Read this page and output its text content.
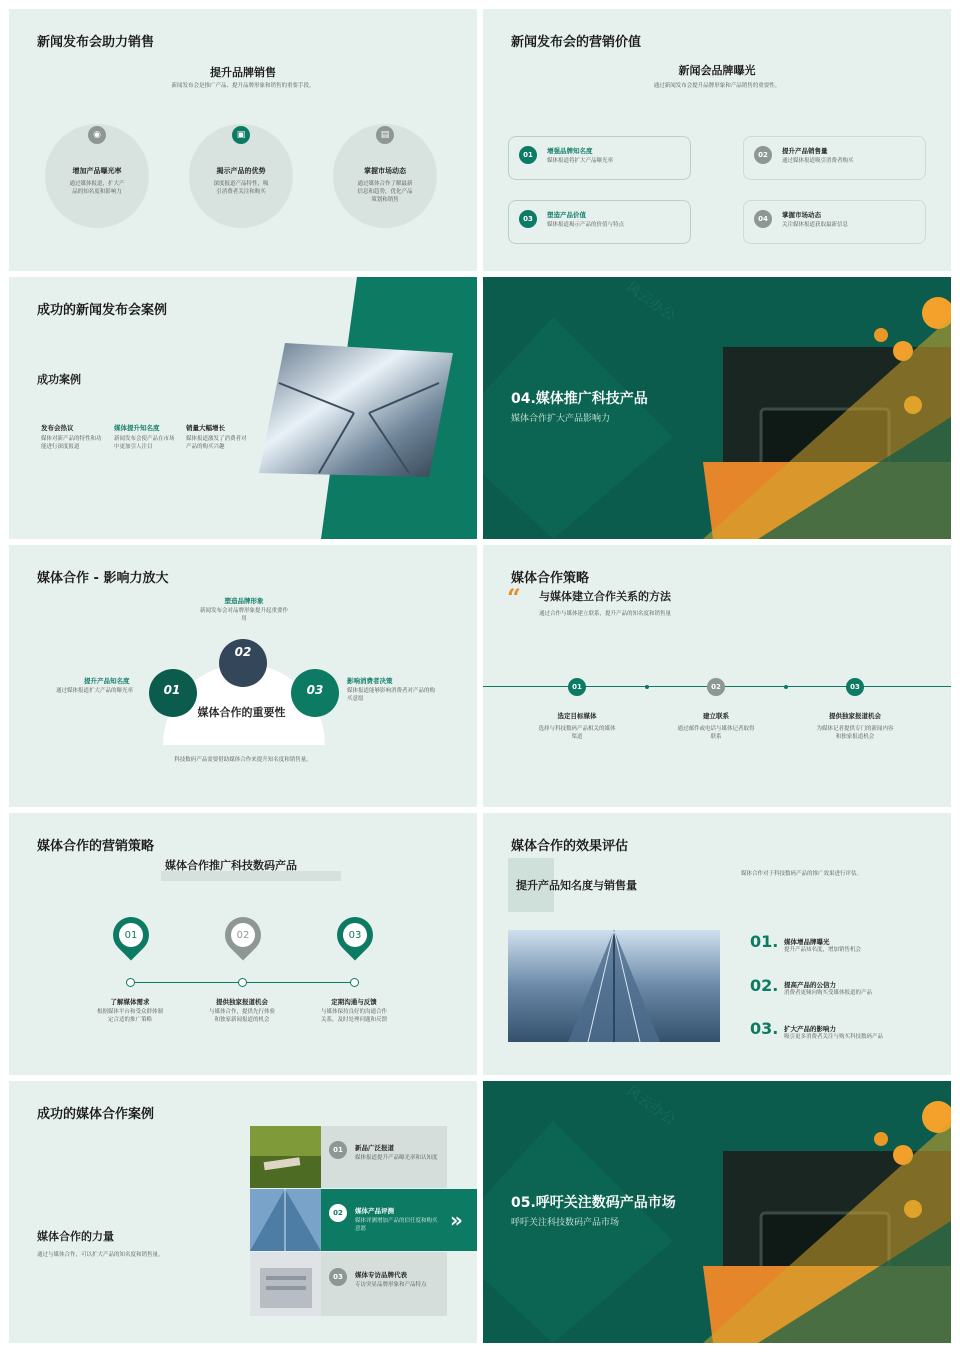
新闻发布会助力销售
提升品牌销售
新闻发布会是推广产品、提升品牌形象和销售的重要手段。
◉	▣	▤
增加产品曝光率
通过媒体报道，扩大产品的知名度和影响力
揭示产品的优势
深度报道产品特性，吸引消费者关注和购买
掌握市场动态
通过媒体合作了解最新信息和趋势，优化产品策划和销售
新闻发布会的营销价值
新闻会品牌曝光
通过新闻发布会提升品牌形象和产品销售的重要性。
01	增强品牌知名度
媒体报道将扩大产品曝光率
02	提升产品销售量
通过媒体报道吸引消费者购买
03	塑造产品价值
媒体报道揭示产品的价值与特点
04	掌握市场动态
关注媒体报道获取最新信息
成功的新闻发布会案例
成功案例
发布会热议
媒体对新产品的特性和功能进行深度报道
媒体提升知名度
新闻发布会使产品在市场中更加引人注目
销量大幅增长
媒体报道激发了消费者对产品的购买兴趣
风云办公
04.媒体推广科技产品
媒体合作扩大产品影响力
媒体合作 - 影响力放大
塑造品牌形象
新闻发布会对品牌形象提升起重要作用
01
02
03
媒体合作的重要性
提升产品知名度
通过媒体报道扩大产品的曝光率
影响消费者决策
媒体报道能够影响消费者对产品的购买意愿
科技数码产品需要借助媒体合作来提升知名度和销售量。
媒体合作策略
“ 与媒体建立合作关系的方法
通过合作与媒体建立联系，提升产品的知名度和销售量
01	02	03
选定目标媒体
选择与科技数码产品相关的媒体渠道
建立联系
通过邮件或电话与媒体记者取得联系
提供独家报道机会
为媒体记者提供专门的新闻内容和独家报道机会
媒体合作的营销策略
媒体合作推广科技数码产品
01	02	03
了解媒体需求
根据媒体平台和受众群体制定合适的推广策略
提供独家报道机会
与媒体合作，提供先行体验和独家新闻报道的机会
定期沟通与反馈
与媒体保持良好的沟通合作关系，及时处理问题和反馈
媒体合作的效果评估
提升产品知名度与销售量
媒体合作对于科技数码产品的推广效果进行评估。
01. 媒体增品牌曝光
提升产品知名度，增加销售机会
02. 提高产品的公信力
消费者更倾向购买受媒体报道的产品
03. 扩大产品的影响力
吸引更多消费者关注与购买科技数码产品
成功的媒体合作案例
媒体合作的力量
通过与媒体合作，可以扩大产品的知名度和销售量。
01	新品广泛报道
媒体报道提升产品曝光率和认知度
02	媒体产品评测
媒体评测增加产品的信任度和购买意愿	»
03	媒体专访品牌代表
专访突显品牌形象和产品特点
风云办公
05.呼吁关注数码产品市场
呼吁关注科技数码产品市场
